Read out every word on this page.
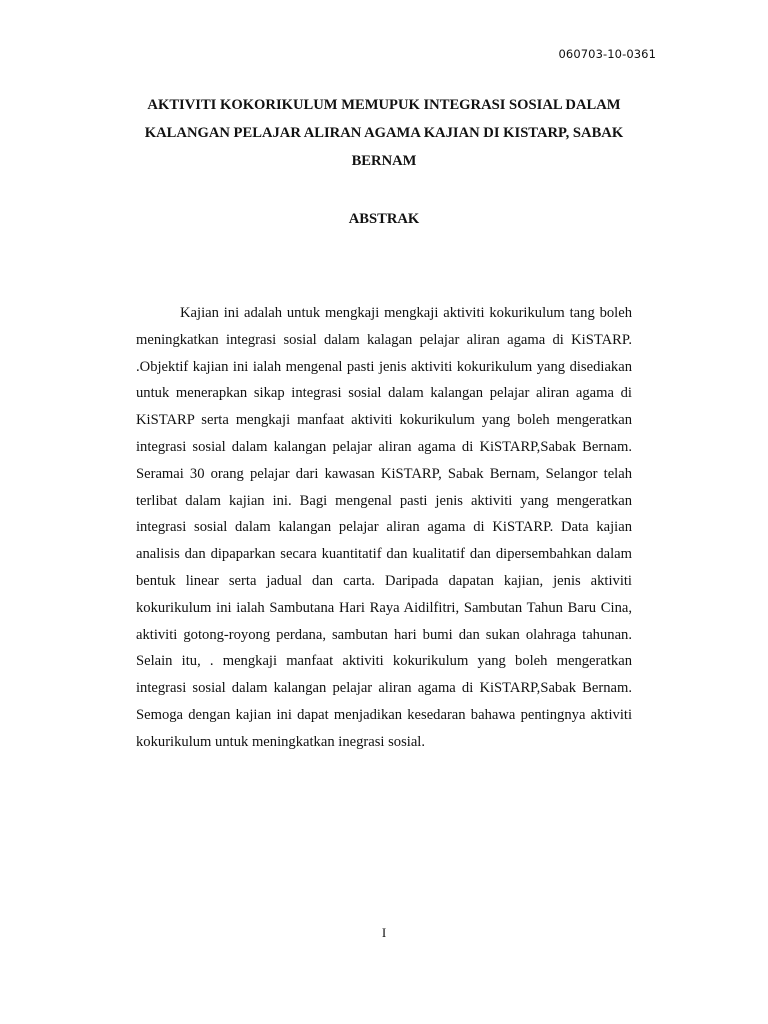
060703-10-0361
AKTIVITI KOKORIKULUM MEMUPUK INTEGRASI SOSIAL DALAM KALANGAN PELAJAR ALIRAN AGAMA KAJIAN DI KISTARP, SABAK BERNAM
ABSTRAK

Kajian ini adalah untuk mengkaji mengkaji aktiviti kokurikulum tang boleh meningkatkan integrasi sosial dalam kalagan pelajar aliran agama di KiSTARP. .Objektif kajian ini ialah mengenal pasti jenis aktiviti kokurikulum yang disediakan untuk menerapkan sikap integrasi sosial dalam kalangan pelajar aliran agama di KiSTARP serta mengkaji manfaat aktiviti kokurikulum yang boleh mengeratkan integrasi sosial dalam kalangan pelajar aliran agama di KiSTARP,Sabak Bernam. Seramai 30 orang pelajar dari kawasan KiSTARP, Sabak Bernam, Selangor telah terlibat dalam kajian ini. Bagi mengenal pasti jenis aktiviti yang mengeratkan integrasi sosial dalam kalangan pelajar aliran agama di KiSTARP. Data kajian analisis dan dipaparkan secara kuantitatif dan kualitatif dan dipersembahkan dalam bentuk linear serta jadual dan carta. Daripada dapatan kajian, jenis aktiviti kokurikulum ini ialah Sambutana Hari Raya Aidilfitri, Sambutan Tahun Baru Cina, aktiviti gotong-royong perdana, sambutan hari bumi dan sukan olahraga tahunan. Selain itu, . mengkaji manfaat aktiviti kokurikulum yang boleh mengeratkan integrasi sosial dalam kalangan pelajar aliran agama di KiSTARP,Sabak Bernam. Semoga dengan kajian ini dapat menjadikan kesedaran bahawa pentingnya aktiviti kokurikulum untuk meningkatkan inegrasi sosial.

I
